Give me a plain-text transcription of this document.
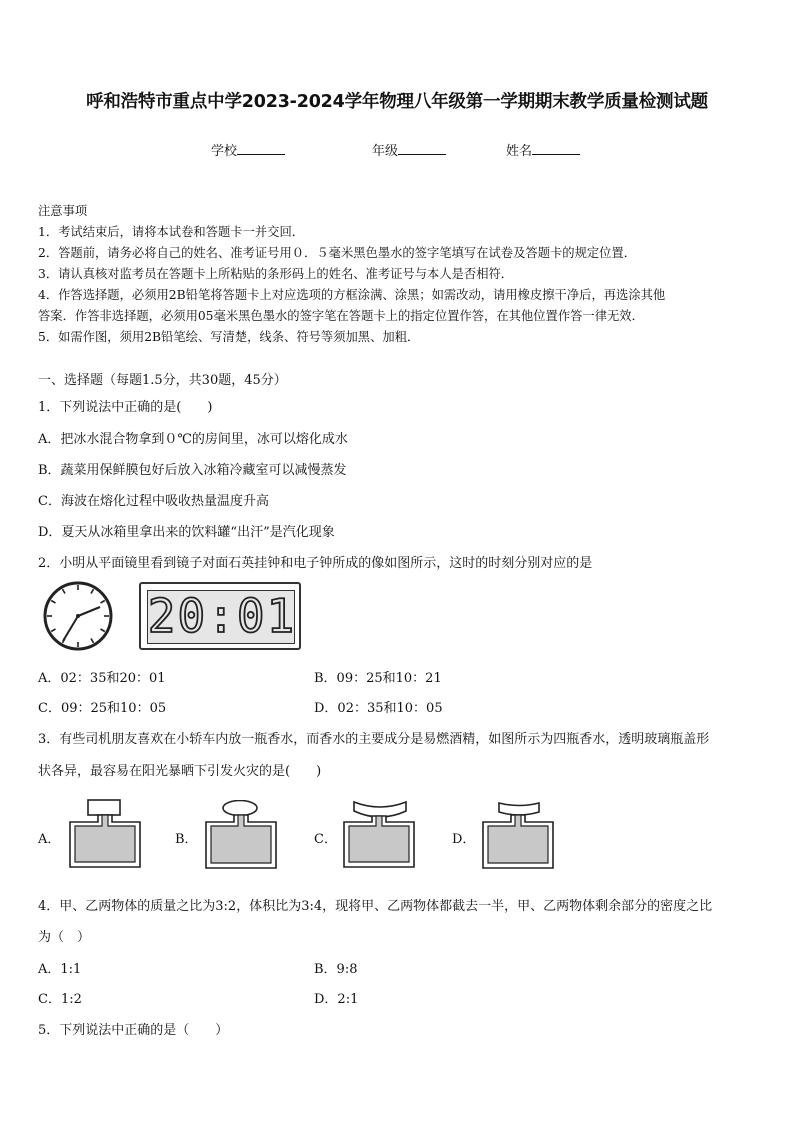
呼和浩特市重点中学2023-2024学年物理八年级第一学期期末教学质量检测试题
学校	年级	姓名
注意事项
1．考试结束后，请将本试卷和答题卡一并交回．
2．答题前，请务必将自己的姓名、准考证号用０．５毫米黑色墨水的签字笔填写在试卷及答题卡的规定位置．
3．请认真核对监考员在答题卡上所粘贴的条形码上的姓名、准考证号与本人是否相符．
4．作答选择题，必须用2B铅笔将答题卡上对应选项的方框涂满、涂黑；如需改动，请用橡皮擦干净后，再选涂其他
答案．作答非选择题，必须用05毫米黑色墨水的签字笔在答题卡上的指定位置作答，在其他位置作答一律无效．
5．如需作图，须用2B铅笔绘、写清楚，线条、符号等须加黑、加粗．
一、选择题（每题1.5分，共30题，45分）
1．下列说法中正确的是(　　)
A．把冰水混合物拿到０℃的房间里，冰可以熔化成水
B．蔬菜用保鲜膜包好后放入冰箱冷藏室可以减慢蒸发
C．海波在熔化过程中吸收热量温度升高
D．夏天从冰箱里拿出来的饮料罐“出汗”是汽化现象
2．小明从平面镜里看到镜子对面石英挂钟和电子钟所成的像如图所示，这时的时刻分别对应的是
20:01
A．02：35和20：01	B．09：25和10：21
C．09：25和10：05	D．02：35和10：05
3．有些司机朋友喜欢在小轿车内放一瓶香水，而香水的主要成分是易燃酒精，如图所示为四瓶香水，透明玻璃瓶盖形
状各异，最容易在阳光暴晒下引发火灾的是(　　)
A．	B．	C．	D．
4．甲、乙两物体的质量之比为3:2，体积比为3:4，现将甲、乙两物体都截去一半，甲、乙两物体剩余部分的密度之比
为（　）
A．1:1	B．9:8
C．1:2	D．2:1
5．下列说法中正确的是（　　）
